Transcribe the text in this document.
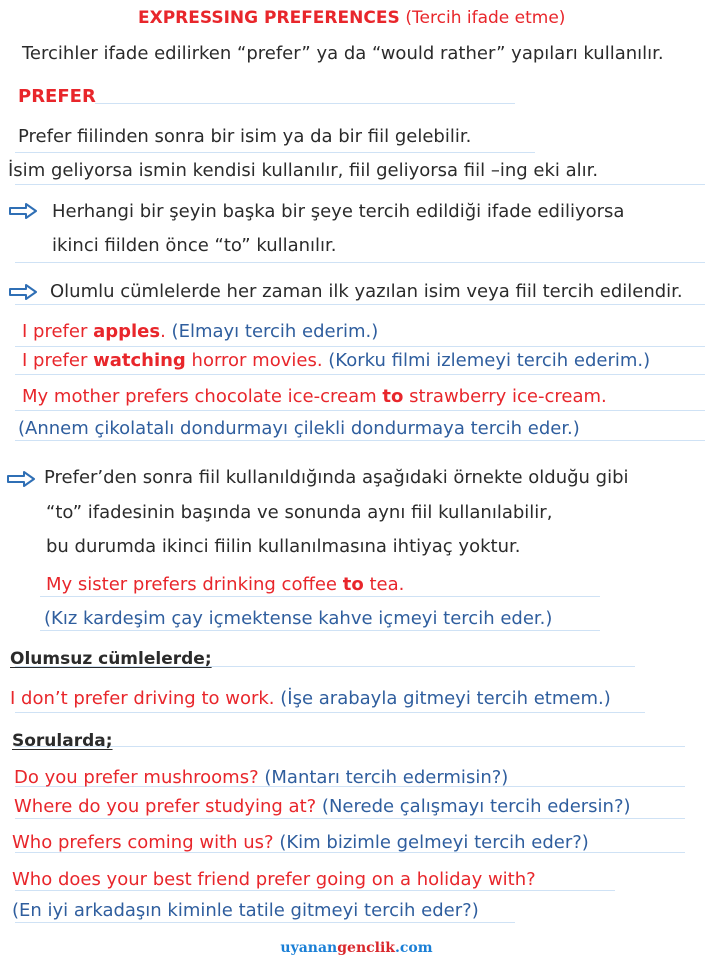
EXPRESSING PREFERENCES (Tercih ifade etme)
Tercihler ifade edilirken “prefer” ya da “would rather” yapıları kullanılır.
PREFER
Prefer fiilinden sonra bir isim ya da bir fiil gelebilir.
İsim geliyorsa ismin kendisi kullanılır, fiil geliyorsa fiil –ing eki alır.
Herhangi bir şeyin başka bir şeye tercih edildiği ifade ediliyorsa
ikinci fiilden önce “to” kullanılır.
Olumlu cümlelerde her zaman ilk yazılan isim veya fiil tercih edilendir.
I prefer apples. (Elmayı tercih ederim.)
I prefer watching horror movies. (Korku filmi izlemeyi tercih ederim.)
My mother prefers chocolate ice-cream to strawberry ice-cream.
(Annem çikolatalı dondurmayı çilekli dondurmaya tercih eder.)
Prefer’den sonra fiil kullanıldığında aşağıdaki örnekte olduğu gibi
“to” ifadesinin başında ve sonunda aynı fiil kullanılabilir,
bu durumda ikinci fiilin kullanılmasına ihtiyaç yoktur.
My sister prefers drinking coffee to tea.
(Kız kardeşim çay içmektense kahve içmeyi tercih eder.)
Olumsuz cümlelerde;
I don’t prefer driving to work. (İşe arabayla gitmeyi tercih etmem.)
Sorularda;
Do you prefer mushrooms? (Mantarı tercih edermisin?)
Where do you prefer studying at? (Nerede çalışmayı tercih edersin?)
Who prefers coming with us? (Kim bizimle gelmeyi tercih eder?)
Who does your best friend prefer going on a holiday with?
(En iyi arkadaşın kiminle tatile gitmeyi tercih eder?)
uyanangenclik.com
